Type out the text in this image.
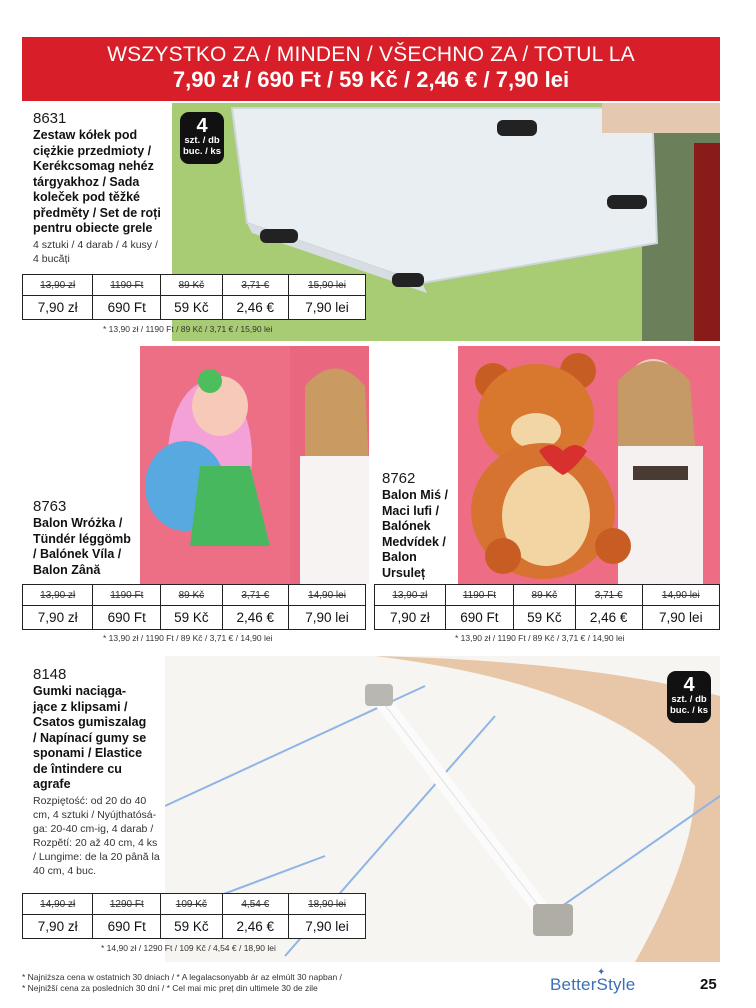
WSZYSTKO ZA / MINDEN / VŠECHNO ZA / TOTUL LA
7,90 zł / 690 Ft / 59 Kč / 2,46 € / 7,90 lei
4
szt. / db
buc. / ks
8631
Zestaw kółek pod
ciężkie przedmioty /
Kerékcsomag nehéz
tárgyakhoz / Sada
koleček pod těžké
předměty / Set de roți
pentru obiecte grele
4 sztuki / 4 darab / 4 kusy /
4 bucăți
13,90 zł	1190 Ft	89 Kč	3,71 €	15,90 lei
7,90 zł	690 Ft	59 Kč	2,46 €	7,90 lei
* 13,90 zł / 1190 Ft / 89 Kč / 3,71 € / 15,90 lei
8763
Balon Wróżka /
Tündér léggömb
/ Balónek Víla /
Balon Zână
13,90 zł	1190 Ft	89 Kč	3,71 €	14,90 lei
7,90 zł	690 Ft	59 Kč	2,46 €	7,90 lei
* 13,90 zł / 1190 Ft / 89 Kč / 3,71 € / 14,90 lei
8762
Balon Miś /
Maci lufi /
Balónek
Medvídek /
Balon
Ursuleț
13,90 zł	1190 Ft	89 Kč	3,71 €	14,90 lei
7,90 zł	690 Ft	59 Kč	2,46 €	7,90 lei
* 13,90 zł / 1190 Ft / 89 Kč / 3,71 € / 14,90 lei
4
szt. / db
buc. / ks
8148
Gumki naciąga-
jące z klipsami /
Csatos gumiszalag
/ Napínací gumy se
sponami / Elastice
de întindere cu
agrafe
Rozpiętość: od 20 do 40
cm, 4 sztuki / Nyújthatósá-
ga: 20-40 cm-ig, 4 darab /
Rozpětí: 20 až 40 cm, 4 ks
/ Lungime: de la 20 până la
40 cm, 4 buc.
14,90 zł	1290 Ft	109 Kč	4,54 €	18,90 lei
7,90 zł	690 Ft	59 Kč	2,46 €	7,90 lei
* 14,90 zł / 1290 Ft / 109 Kč / 4,54 € / 18,90 lei
* Najniższa cena w ostatnich 30 dniach / * A legalacsonyabb ár az elmúlt 30 napban /
* Nejnižší cena za posledních 30 dní / * Cel mai mic preț din ultimele 30 de zile
✦
BetterStyle	25
